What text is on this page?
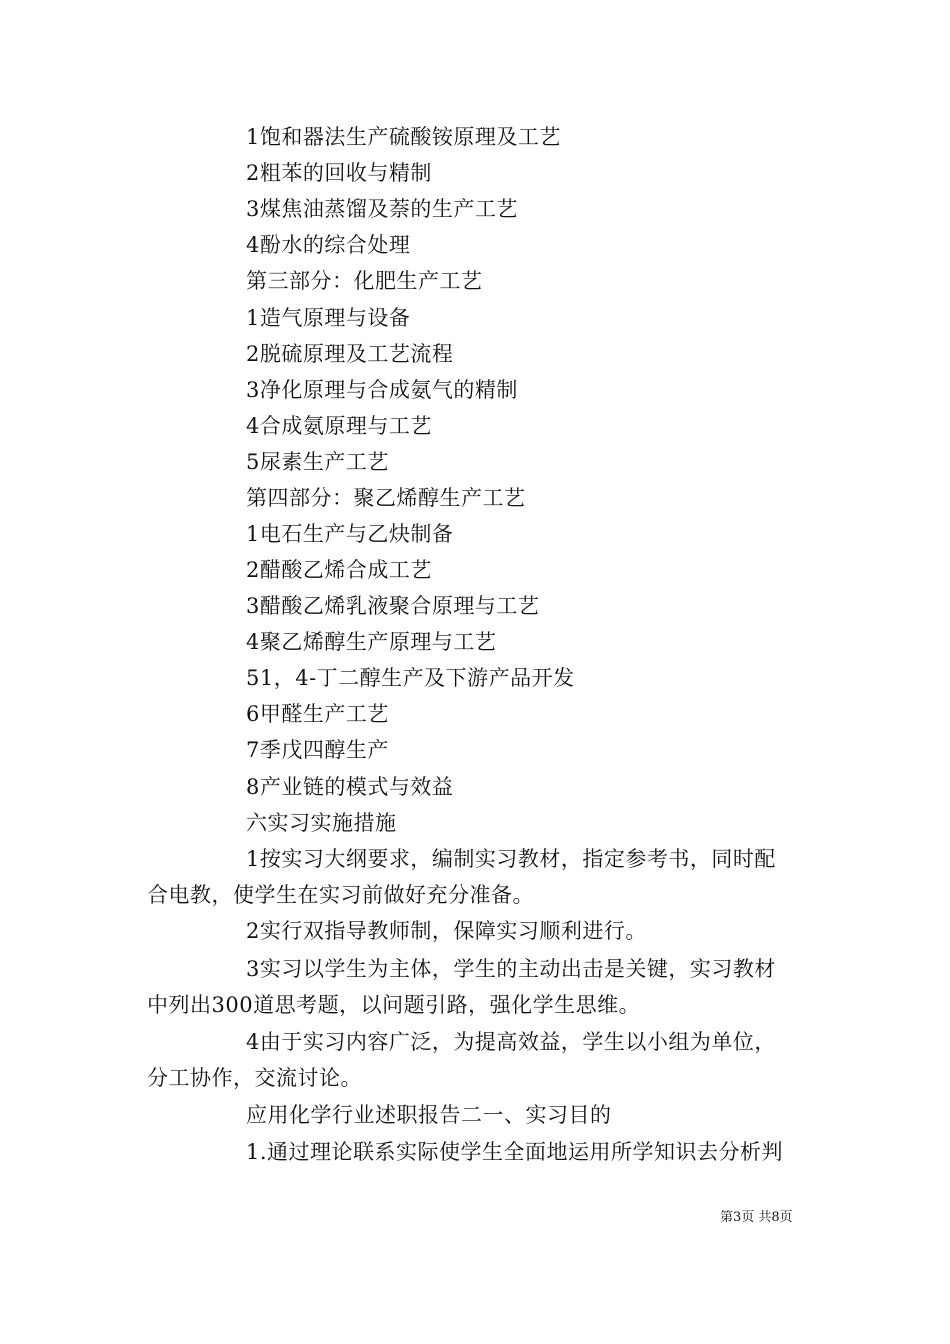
1饱和器法生产硫酸铵原理及工艺
2粗苯的回收与精制
3煤焦油蒸馏及萘的生产工艺
4酚水的综合处理
第三部分：化肥生产工艺
1造气原理与设备
2脱硫原理及工艺流程
3净化原理与合成氨气的精制
4合成氨原理与工艺
5尿素生产工艺
第四部分：聚乙烯醇生产工艺
1电石生产与乙炔制备
2醋酸乙烯合成工艺
3醋酸乙烯乳液聚合原理与工艺
4聚乙烯醇生产原理与工艺
51，4-丁二醇生产及下游产品开发
6甲醛生产工艺
7季戊四醇生产
8产业链的模式与效益
六实习实施措施
1按实习大纲要求，编制实习教材，指定参考书，同时配
合电教，使学生在实习前做好充分准备。
2实行双指导教师制，保障实习顺利进行。
3实习以学生为主体，学生的主动出击是关键，实习教材
中列出300道思考题，以问题引路，强化学生思维。
4由于实习内容广泛，为提高效益，学生以小组为单位，
分工协作，交流讨论。
应用化学行业述职报告二一、实习目的
1.通过理论联系实际使学生全面地运用所学知识去分析判
第3页 共8页
